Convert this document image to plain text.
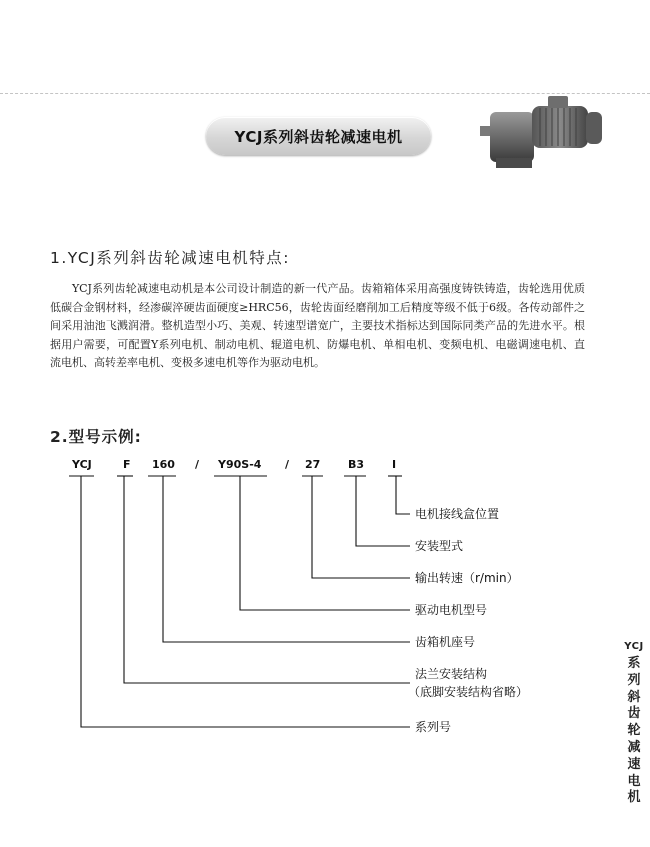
YCJ系列斜齿轮减速电机
1.YCJ系列斜齿轮减速电机特点:

YCJ系列齿轮减速电动机是本公司设计制造的新一代产品。齿箱箱体采用高强度铸铁铸造，齿轮选用优质低碳合金钢材料，经渗碳淬硬齿面硬度≥HRC56，齿轮齿面经磨削加工后精度等级不低于6级。各传动部件之间采用油池飞溅润滑。整机造型小巧、美观、转速型谱宽广，主要技术指标达到国际同类产品的先进水平。根据用户需要，可配置Y系列电机、制动电机、辊道电机、防爆电机、单相电机、变频电机、电磁调速电机、直流电机、高转差率电机、变极多速电机等作为驱动电机。

2.型号示例:
YCJ	F 160 / Y90S-4 / 27	B3	I
电机接线盒位置
安装型式
输出转速（r/min）
驱动电机型号
齿箱机座号
法兰安装结构
（底脚安装结构省略）
系列号
YCJ
系
列
斜
齿
轮
减
速
电
机
